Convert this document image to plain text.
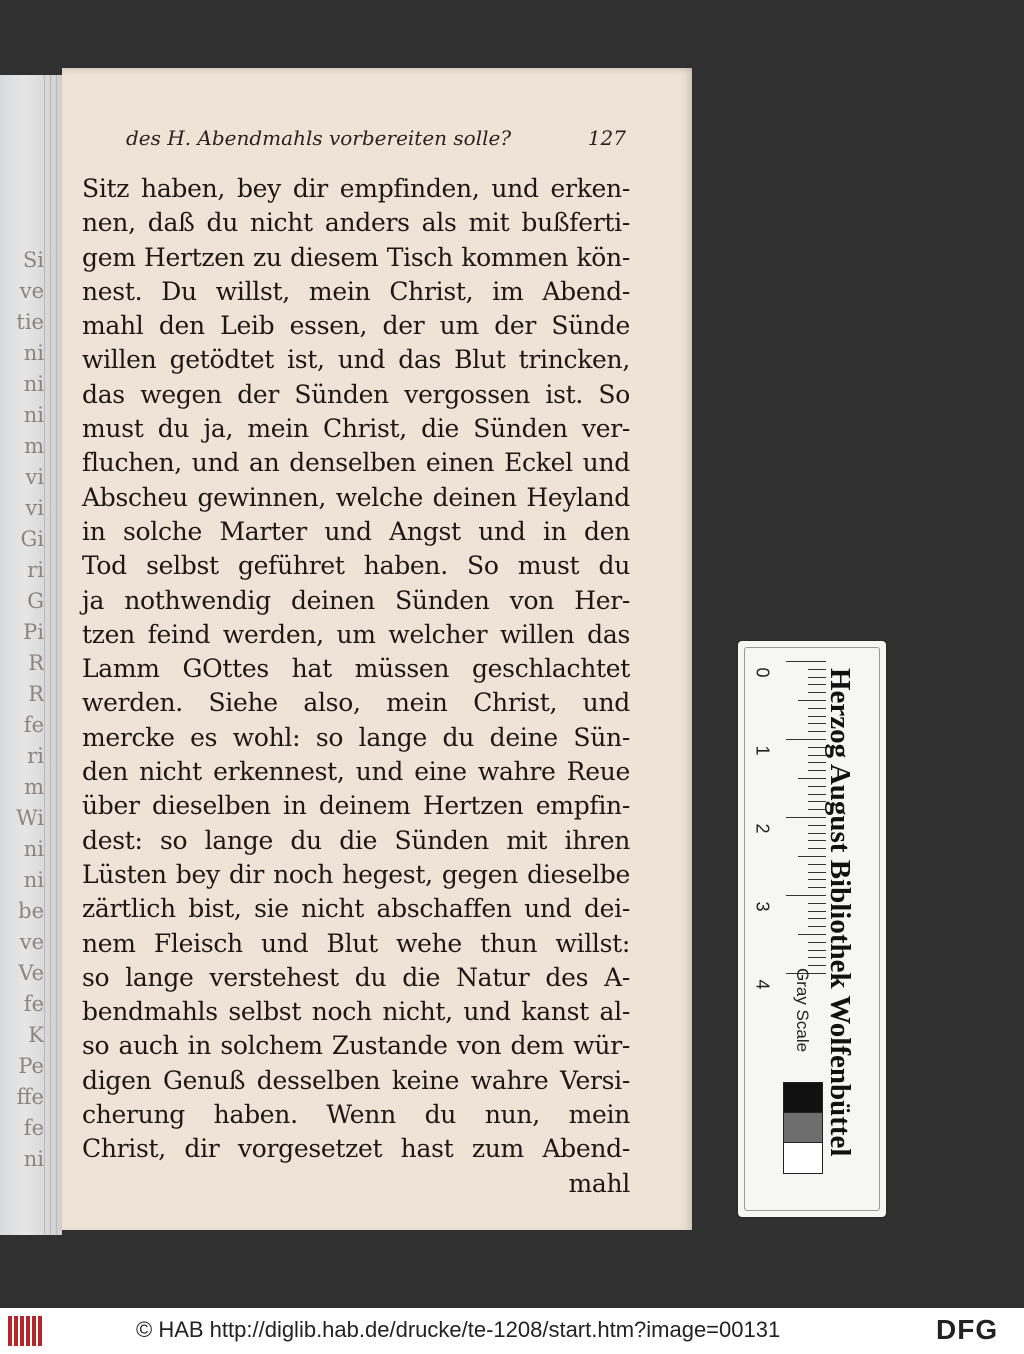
Si
ve
tie
ni
ni
ni
m
vi
vi
Gi
ri
G
Pi
R
R
fe
ri
m
Wi
ni
ni
be
ve
Ve
fe
K
Pe
ffe
fe
ni
des H. Abendmahls vorbereiten solle?	127
Sitz haben, bey dir empfinden, und erken-
nen, daß du nicht anders als mit bußferti-
gem Hertzen zu diesem Tisch kommen kön-
nest. Du willst, mein Christ, im Abend-
mahl den Leib essen, der um der Sünde
willen getödtet ist, und das Blut trincken,
das wegen der Sünden vergossen ist. So
must du ja, mein Christ, die Sünden ver-
fluchen, und an denselben einen Eckel und
Abscheu gewinnen, welche deinen Heyland
in solche Marter und Angst und in den
Tod selbst geführet haben. So must du
ja nothwendig deinen Sünden von Her-
tzen feind werden, um welcher willen das
Lamm GOttes hat müssen geschlachtet
werden. Siehe also, mein Christ, und
mercke es wohl: so lange du deine Sün-
den nicht erkennest, und eine wahre Reue
über dieselben in deinem Hertzen empfin-
dest: so lange du die Sünden mit ihren
Lüsten bey dir noch hegest, gegen dieselbe
zärtlich bist, sie nicht abschaffen und dei-
nem Fleisch und Blut wehe thun willst:
so lange verstehest du die Natur des A-
bendmahls selbst noch nicht, und kanst al-
so auch in solchem Zustande von dem wür-
digen Genuß desselben keine wahre Versi-
cherung haben. Wenn du nun, mein
Christ, dir vorgesetzet hast zum Abend-
mahl
Herzog August Bibliothek Wolfenbüttel
0
1
2
3
4 Gray Scale
© HAB http://diglib.hab.de/drucke/te-1208/start.htm?image=00131	DFG
